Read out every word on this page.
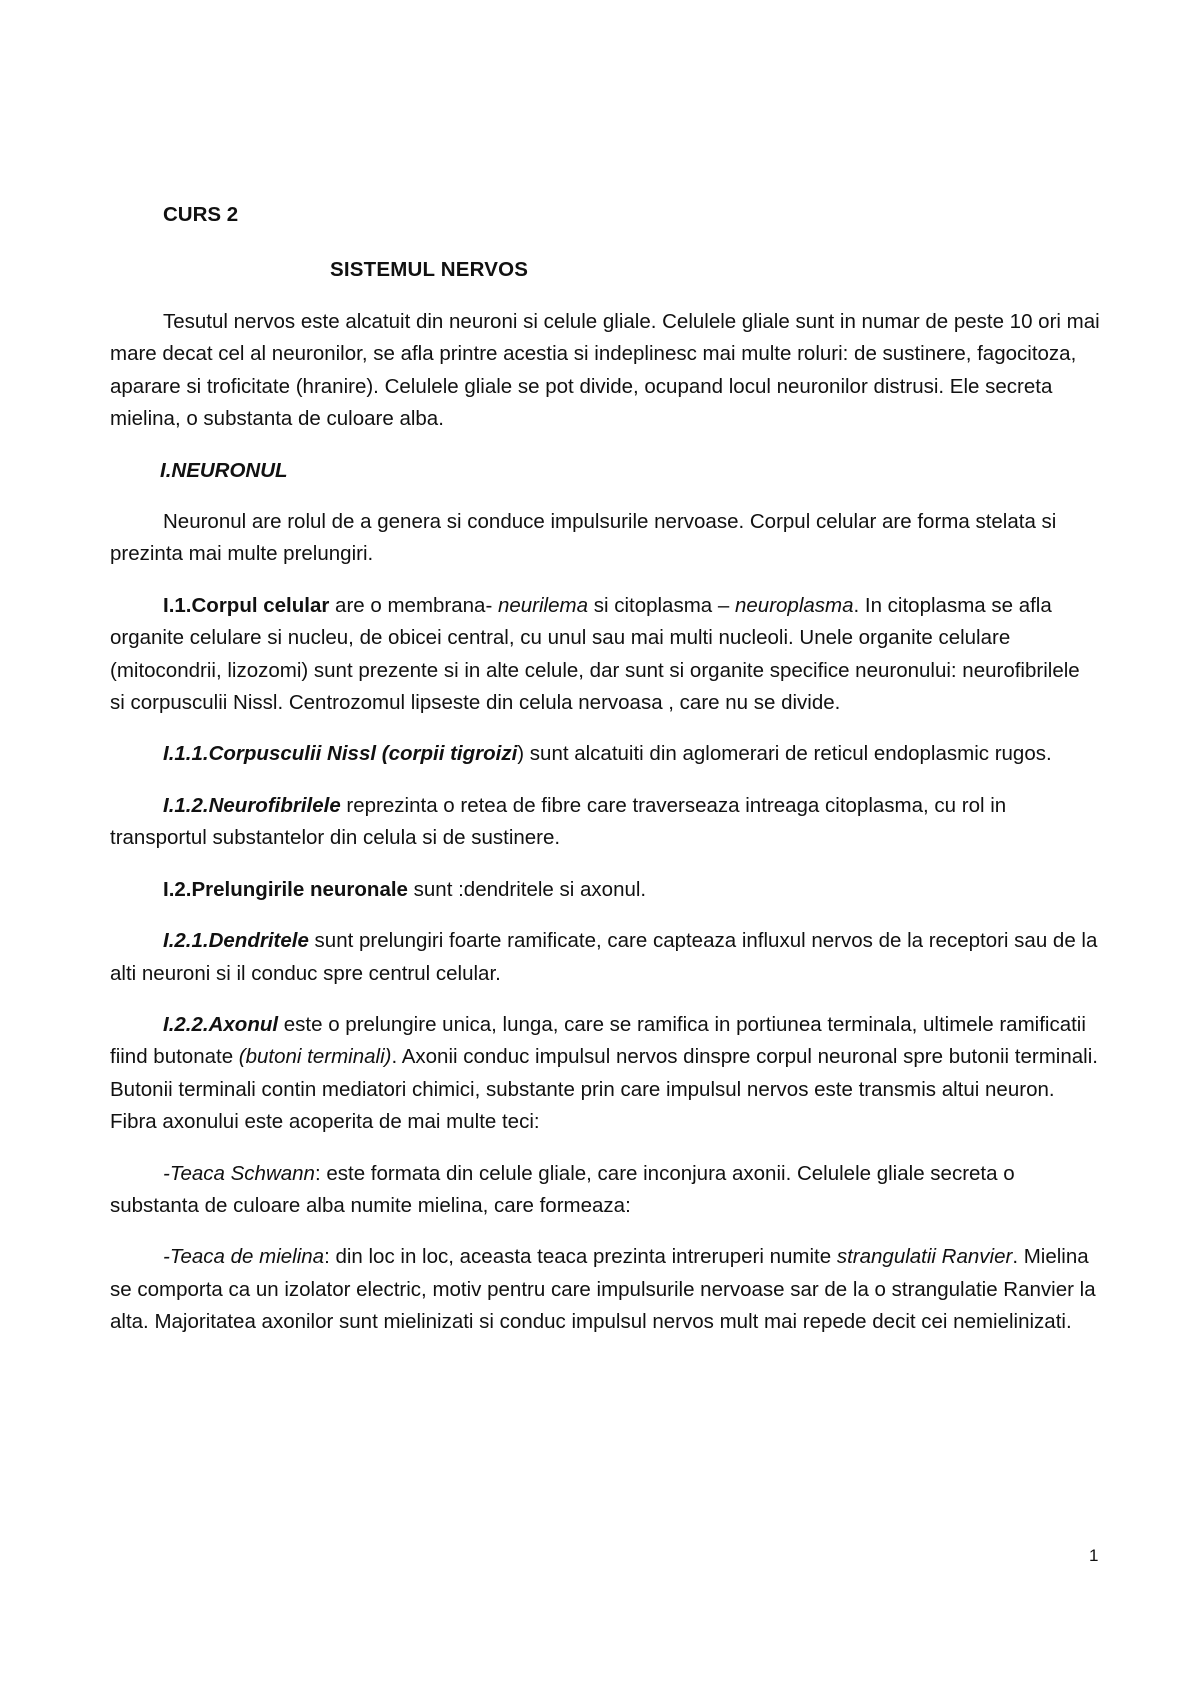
CURS 2

SISTEMUL NERVOS

Tesutul nervos este alcatuit din neuroni si celule gliale. Celulele gliale sunt in numar de peste 10 ori mai mare decat cel al neuronilor, se afla printre acestia si indeplinesc mai multe roluri: de sustinere, fagocitoza, aparare si troficitate (hranire). Celulele gliale se pot divide, ocupand locul neuronilor distrusi. Ele secreta mielina, o substanta de culoare alba.

I.NEURONUL

Neuronul are rolul de a genera si conduce impulsurile nervoase. Corpul celular are forma stelata si prezinta mai multe prelungiri.

I.1.Corpul celular are o membrana- neurilema si citoplasma – neuroplasma. In citoplasma se afla organite celulare si nucleu, de obicei central, cu unul sau mai multi nucleoli. Unele organite celulare (mitocondrii, lizozomi) sunt prezente si in alte celule, dar sunt si organite specifice neuronului: neurofibrilele si corpusculii Nissl. Centrozomul lipseste din celula nervoasa , care nu se divide.

I.1.1.Corpusculii Nissl (corpii tigroizi) sunt alcatuiti din aglomerari de reticul endoplasmic rugos.

I.1.2.Neurofibrilele reprezinta o retea de fibre care traverseaza intreaga citoplasma, cu rol in transportul substantelor din celula si de sustinere.

I.2.Prelungirile neuronale sunt :dendritele si axonul.

I.2.1.Dendritele sunt prelungiri foarte ramificate, care capteaza influxul nervos de la receptori sau de la alti neuroni si il conduc spre centrul celular.

I.2.2.Axonul este o prelungire unica, lunga, care se ramifica in portiunea terminala, ultimele ramificatii fiind butonate (butoni terminali). Axonii conduc impulsul nervos dinspre corpul neuronal spre butonii terminali. Butonii terminali contin mediatori chimici, substante prin care impulsul nervos este transmis altui neuron. Fibra axonului este acoperita de mai multe teci:

-Teaca Schwann: este formata din celule gliale, care inconjura axonii. Celulele gliale secreta o substanta de culoare alba numite mielina, care formeaza:

-Teaca de mielina: din loc in loc, aceasta teaca prezinta intreruperi numite strangulatii Ranvier. Mielina se comporta ca un izolator electric, motiv pentru care impulsurile nervoase sar de la o strangulatie Ranvier la alta. Majoritatea axonilor sunt mielinizati si conduc impulsul nervos mult mai repede decit cei nemielinizati.

1
